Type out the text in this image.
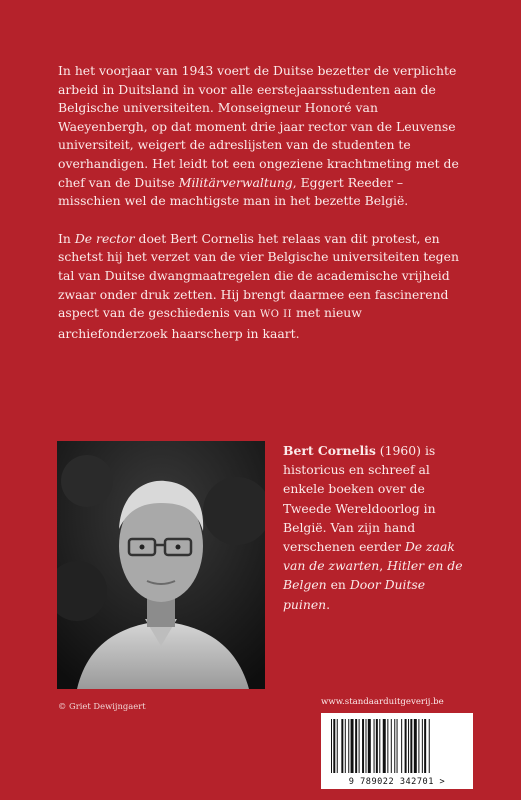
In het voorjaar van 1943 voert de Duitse bezetter de verplichte arbeid in Duitsland in voor alle eerstejaarsstudenten aan de Belgische universiteiten. Monseigneur Honoré van Waeyenbergh, op dat moment drie jaar rector van de Leuvense universiteit, weigert de adreslijsten van de studenten te overhandigen. Het leidt tot een ongeziene krachtmeting met de chef van de Duitse Militärverwaltung, Eggert Reeder – misschien wel de machtigste man in het bezette België.

In De rector doet Bert Cornelis het relaas van dit protest, en schetst hij het verzet van de vier Belgische universiteiten tegen tal van Duitse dwangmaatregelen die de academische vrijheid zwaar onder druk zetten. Hij brengt daarmee een fascinerend aspect van de geschiedenis van WO II met nieuw archiefonderzoek haarscherp in kaart.

Bert Cornelis (1960) is historicus en schreef al enkele boeken over de Tweede Wereldoorlog in België. Van zijn hand verschenen eerder De zaak van de zwarten, Hitler en de Belgen en Door Duitse puinen.
© Griet Dewijngaert	www.standaarduitgeverij.be
9 789022 342701 >
